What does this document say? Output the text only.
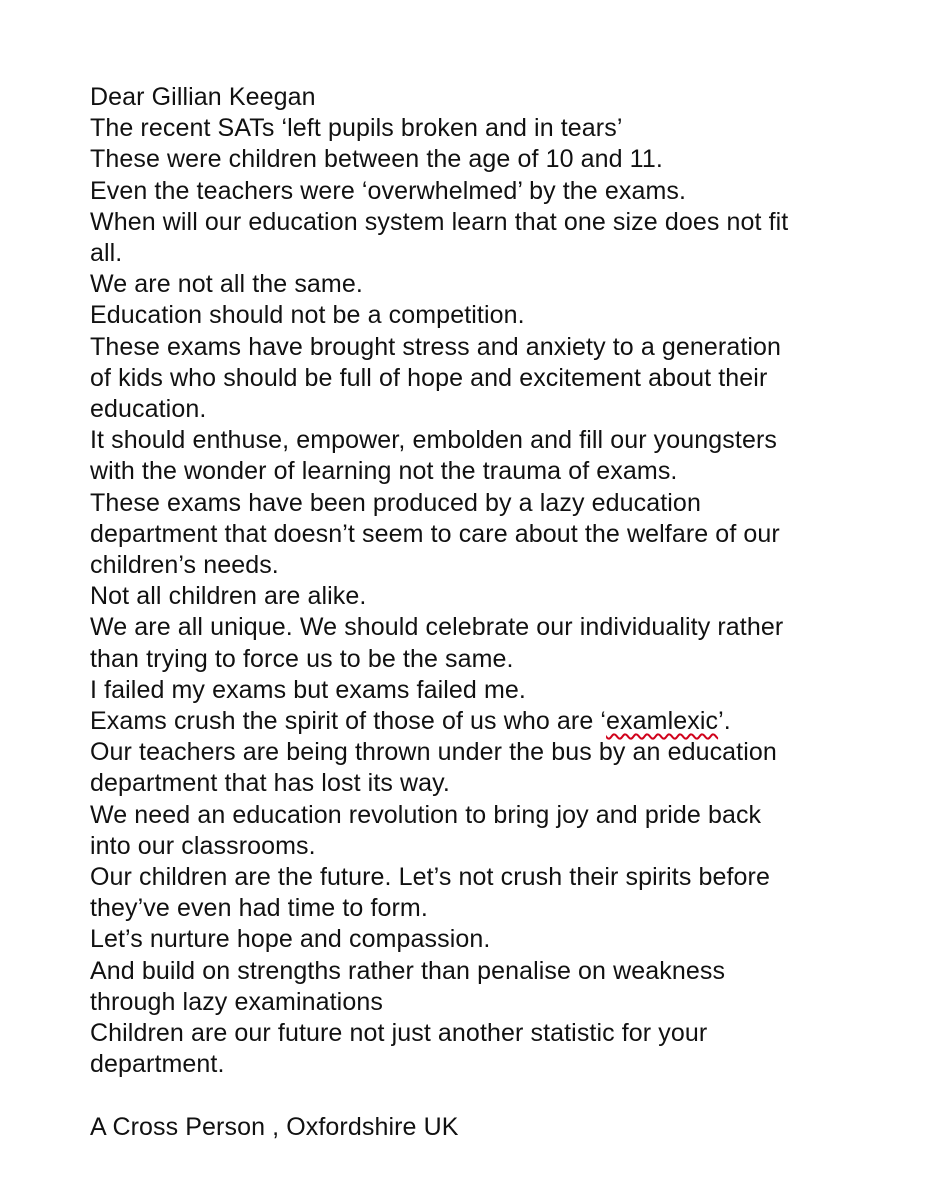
Dear Gillian Keegan
The recent SATs ‘left pupils broken and in tears’
These were children between the age of 10 and 11.
Even the teachers were ‘overwhelmed’ by the exams.
When will our education system learn that one size does not fit
all.
We are not all the same.
Education should not be a competition.
These exams have brought stress and anxiety to a generation
of kids who should be full of hope and excitement about their
education.
It should enthuse, empower, embolden and fill our youngsters
with the wonder of learning not the trauma of exams.
These exams have been produced by a lazy education
department that doesn’t seem to care about the welfare of our
children’s needs.
Not all children are alike.
We are all unique. We should celebrate our individuality rather
than trying to force us to be the same.
I failed my exams but exams failed me.
Exams crush the spirit of those of us who are ‘examlexic’.
Our teachers are being thrown under the bus by an education
department that has lost its way.
We need an education revolution to bring joy and pride back
into our classrooms.
Our children are the future. Let’s not crush their spirits before
they’ve even had time to form.
Let’s nurture hope and compassion.
And build on strengths rather than penalise on weakness
through lazy examinations
Children are our future not just another statistic for your
department.
A Cross Person , Oxfordshire UK
